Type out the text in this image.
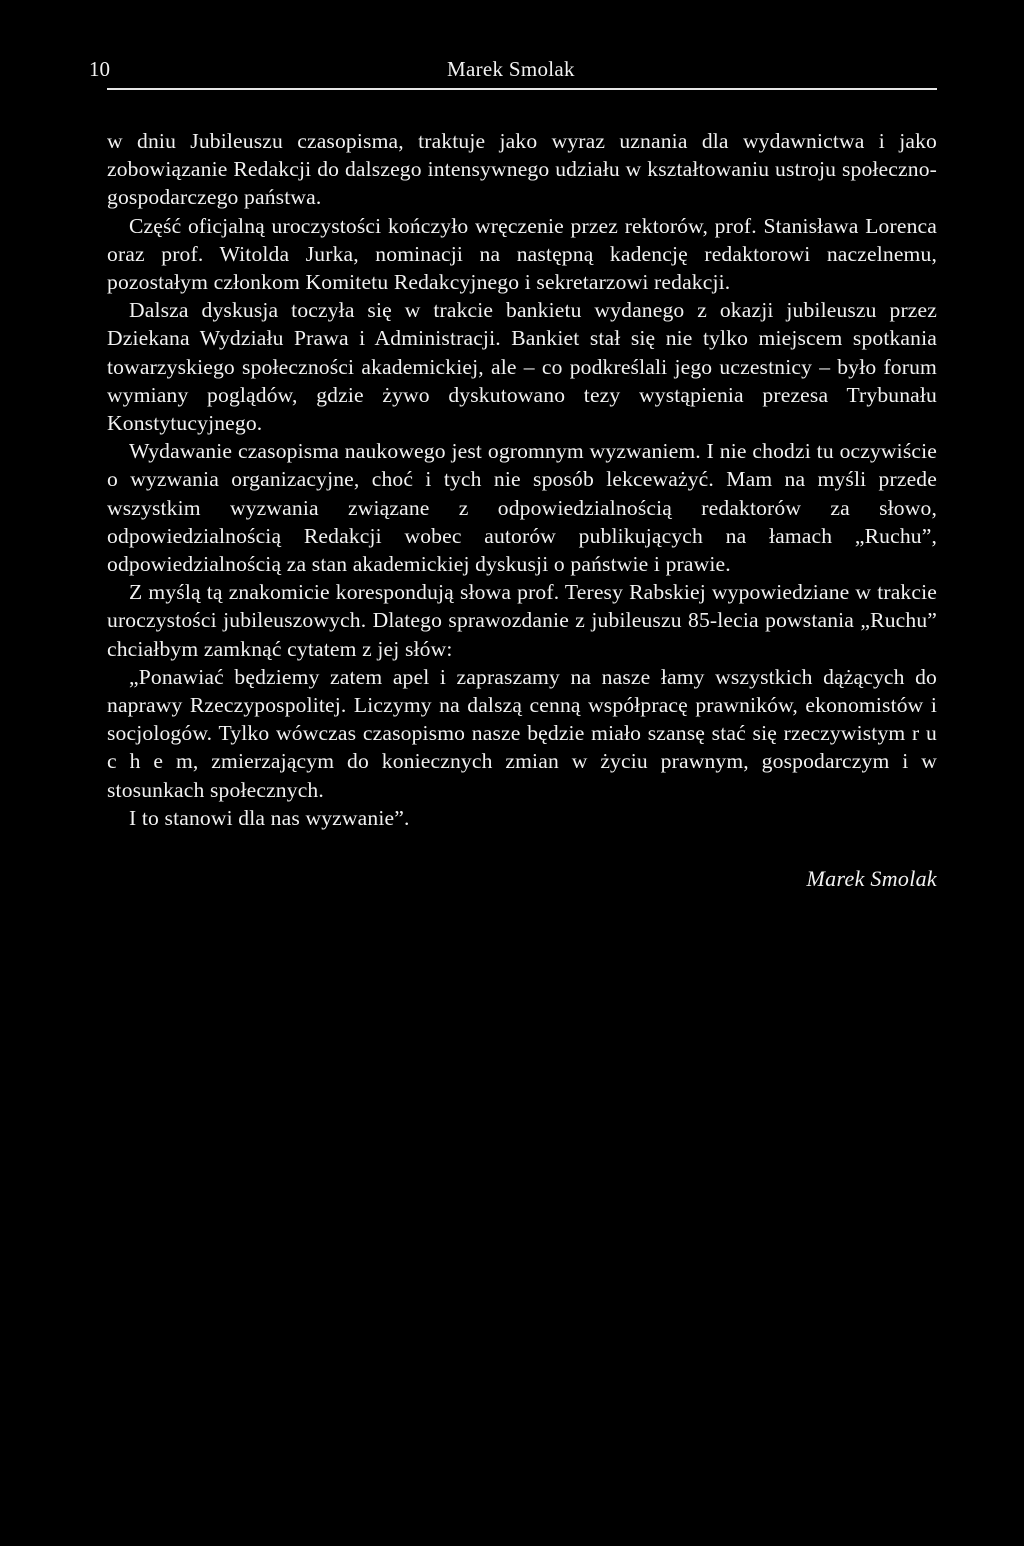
10	Marek Smolak

w dniu Jubileuszu czasopisma, traktuje jako wyraz uznania dla wydawnictwa i jako zobowiązanie Redakcji do dalszego intensywnego udziału w kształtowaniu ustroju społeczno-gospodarczego państwa.

Część oficjalną uroczystości kończyło wręczenie przez rektorów, prof. Stanisława Lorenca oraz prof. Witolda Jurka, nominacji na następną kadencję redaktorowi naczelnemu, pozostałym członkom Komitetu Redakcyjnego i sekretarzowi redakcji.

Dalsza dyskusja toczyła się w trakcie bankietu wydanego z okazji jubileuszu przez Dziekana Wydziału Prawa i Administracji. Bankiet stał się nie tylko miejscem spotkania towarzyskiego społeczności akademickiej, ale – co podkreślali jego uczestnicy – było forum wymiany poglądów, gdzie żywo dyskutowano tezy wystąpienia prezesa Trybunału Konstytucyjnego.

Wydawanie czasopisma naukowego jest ogromnym wyzwaniem. I nie chodzi tu oczywiście o wyzwania organizacyjne, choć i tych nie sposób lekceważyć. Mam na myśli przede wszystkim wyzwania związane z odpowiedzialnością redaktorów za słowo, odpowiedzialnością Redakcji wobec autorów publikujących na łamach „Ruchu”, odpowiedzialnością za stan akademickiej dyskusji o państwie i prawie.

Z myślą tą znakomicie korespondują słowa prof. Teresy Rabskiej wypowiedziane w trakcie uroczystości jubileuszowych. Dlatego sprawozdanie z jubileuszu 85-lecia powstania „Ruchu” chciałbym zamknąć cytatem z jej słów:

„Ponawiać będziemy zatem apel i zapraszamy na nasze łamy wszystkich dążących do naprawy Rzeczypospolitej. Liczymy na dalszą cenną współpracę prawników, ekonomistów i socjologów. Tylko wówczas czasopismo nasze będzie miało szansę stać się rzeczywistym r u c h e m, zmierzającym do koniecznych zmian w życiu prawnym, gospodarczym i w stosunkach społecznych.

I to stanowi dla nas wyzwanie”.

Marek Smolak
